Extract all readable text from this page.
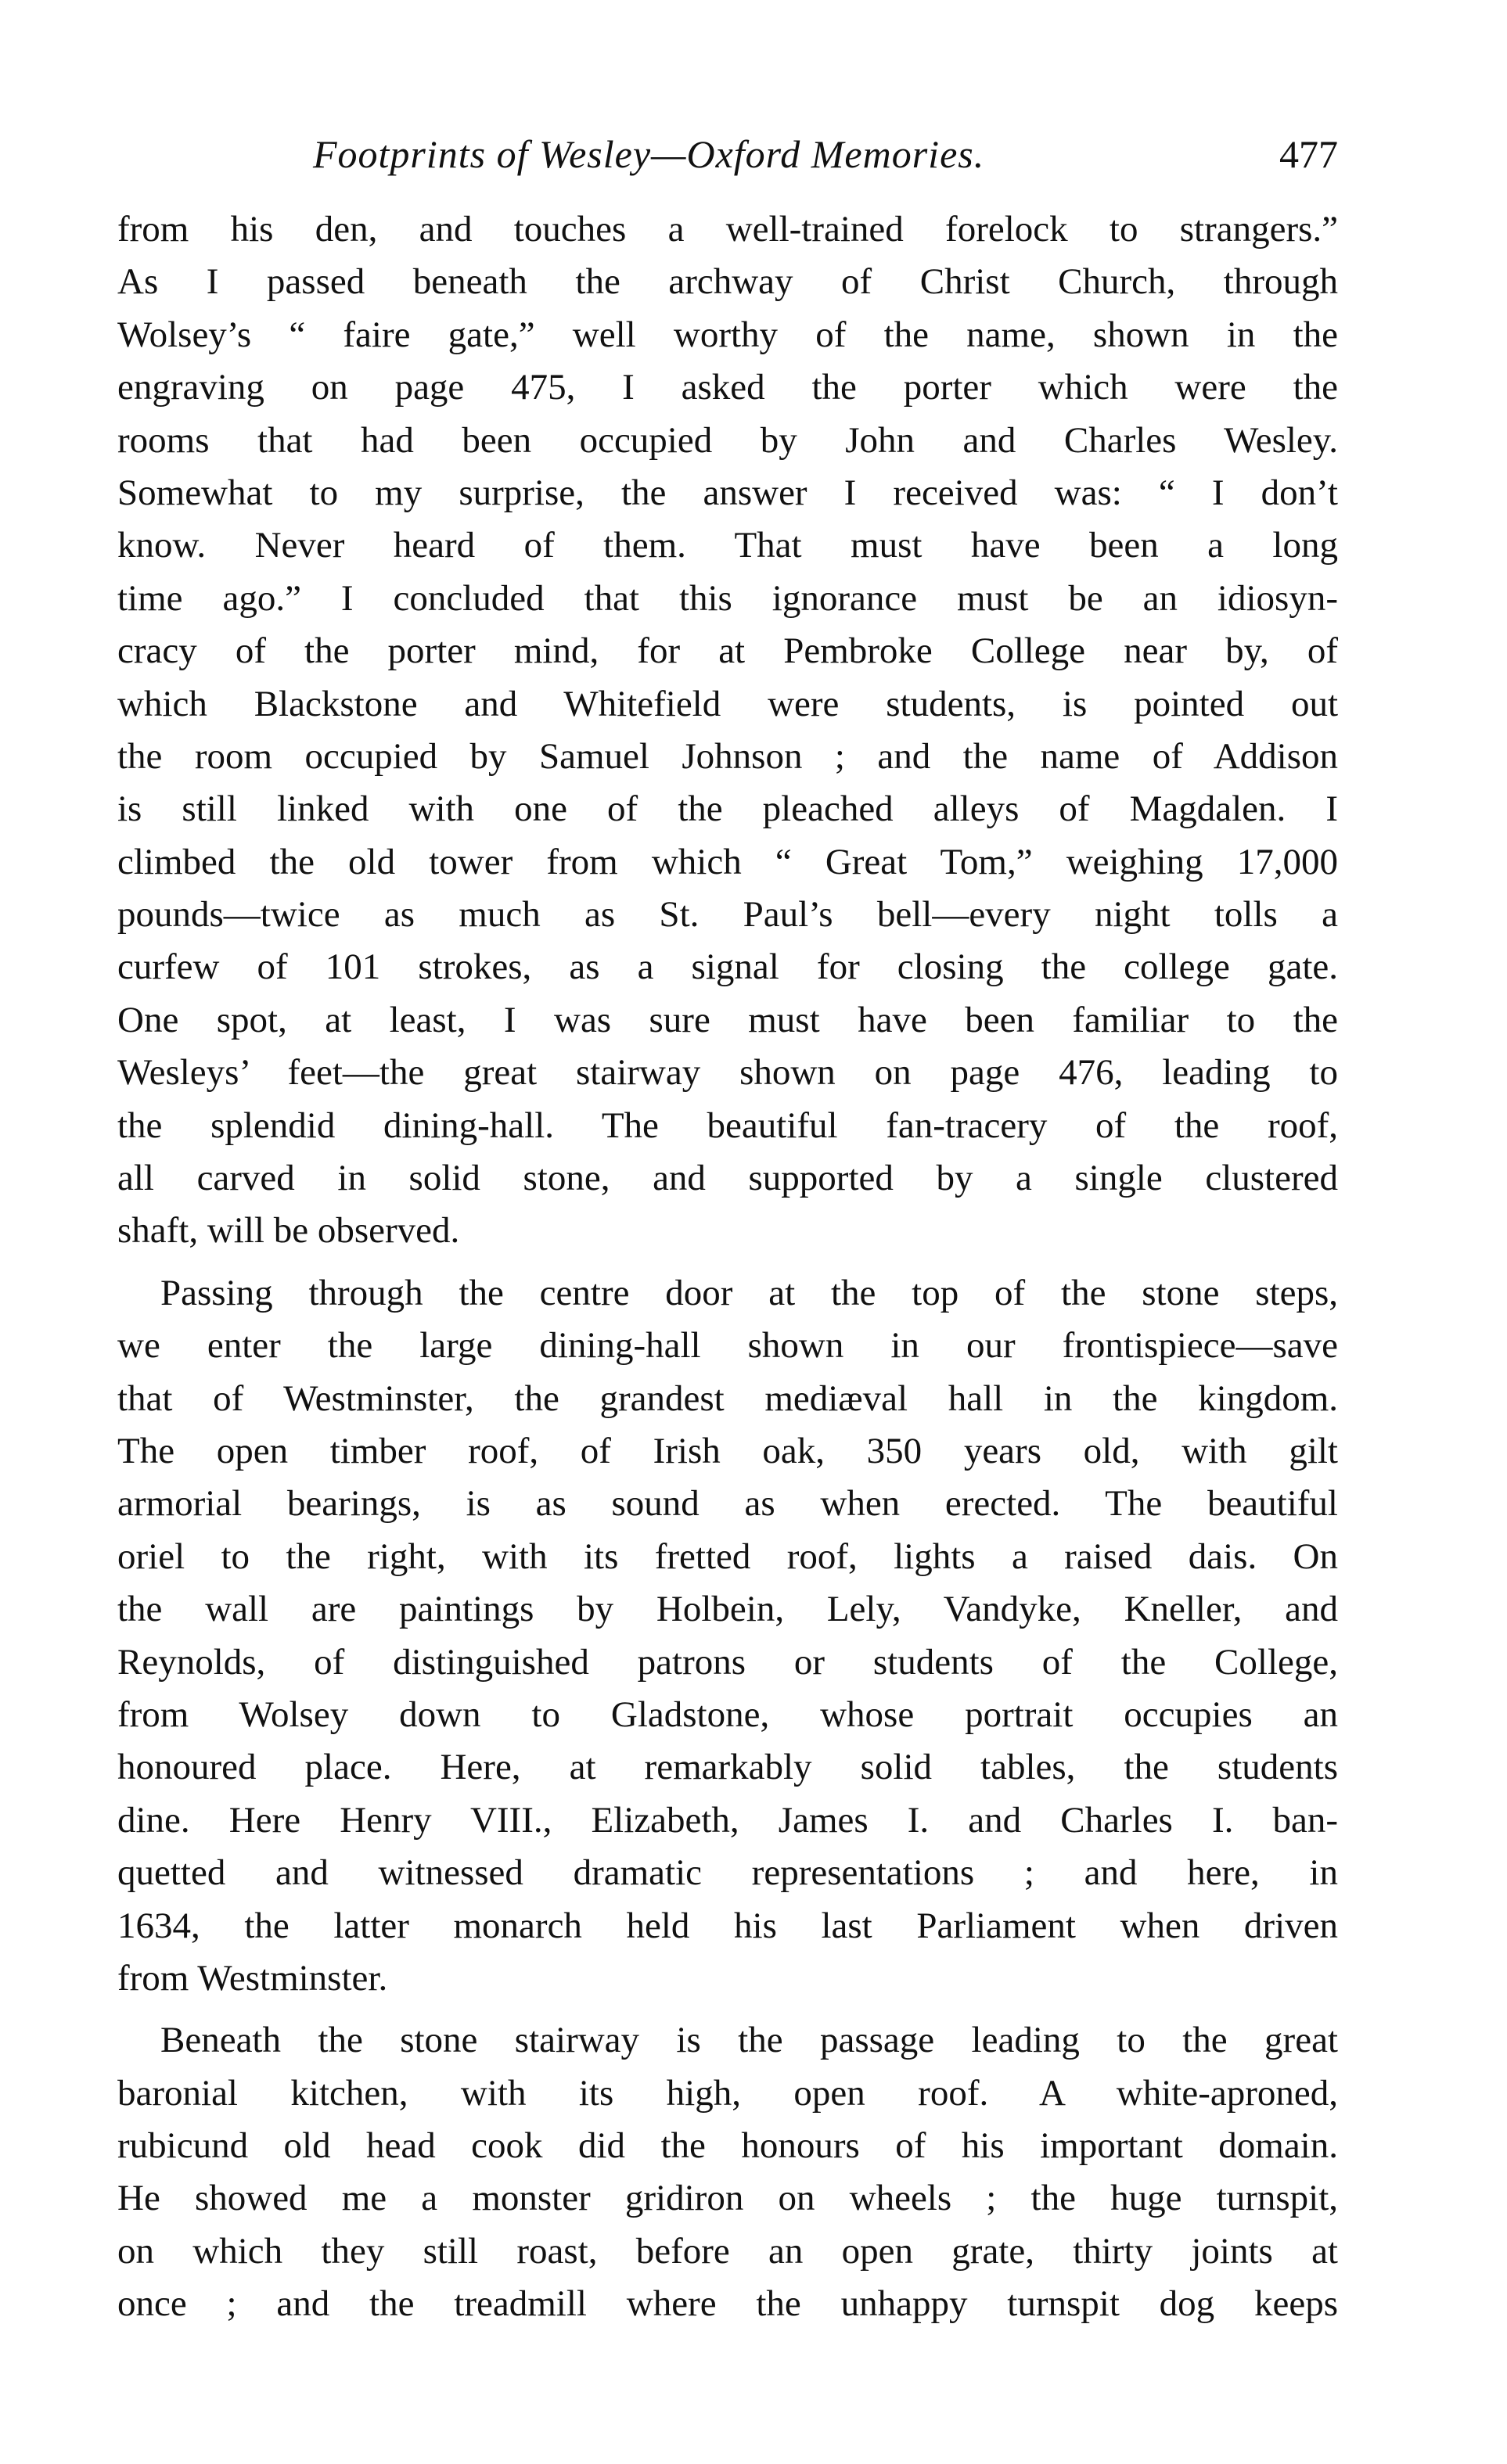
Footprints of Wesley—Oxford Memories.	477
from his den, and touches a well-trained forelock to strangers.”
As I passed beneath the archway of Christ Church, through
Wolsey’s “ faire gate,” well worthy of the name, shown in the
engraving on page 475, I asked the porter which were the
rooms that had been occupied by John and Charles Wesley.
Somewhat to my surprise, the answer I received was: “ I don’t
know. Never heard of them. That must have been a long
time ago.” I concluded that this ignorance must be an idiosyn-
cracy of the porter mind, for at Pembroke College near by, of
which Blackstone and Whitefield were students, is pointed out
the room occupied by Samuel Johnson ; and the name of Addison
is still linked with one of the pleached alleys of Magdalen. I
climbed the old tower from which “ Great Tom,” weighing 17,000
pounds—twice as much as St. Paul’s bell—every night tolls a
curfew of 101 strokes, as a signal for closing the college gate.
One spot, at least, I was sure must have been familiar to the
Wesleys’ feet—the great stairway shown on page 476, leading to
the splendid dining-hall. The beautiful fan-tracery of the roof,
all carved in solid stone, and supported by a single clustered
shaft, will be observed.
Passing through the centre door at the top of the stone steps,
we enter the large dining-hall shown in our frontispiece—save
that of Westminster, the grandest mediæval hall in the kingdom.
The open timber roof, of Irish oak, 350 years old, with gilt
armorial bearings, is as sound as when erected. The beautiful
oriel to the right, with its fretted roof, lights a raised dais. On
the wall are paintings by Holbein, Lely, Vandyke, Kneller, and
Reynolds, of distinguished patrons or students of the College,
from Wolsey down to Gladstone, whose portrait occupies an
honoured place. Here, at remarkably solid tables, the students
dine. Here Henry VIII., Elizabeth, James I. and Charles I. ban-
quetted and witnessed dramatic representations ; and here, in
1634, the latter monarch held his last Parliament when driven
from Westminster.
Beneath the stone stairway is the passage leading to the great
baronial kitchen, with its high, open roof. A white-aproned,
rubicund old head cook did the honours of his important domain.
He showed me a monster gridiron on wheels ; the huge turnspit,
on which they still roast, before an open grate, thirty joints at
once ; and the treadmill where the unhappy turnspit dog keeps
